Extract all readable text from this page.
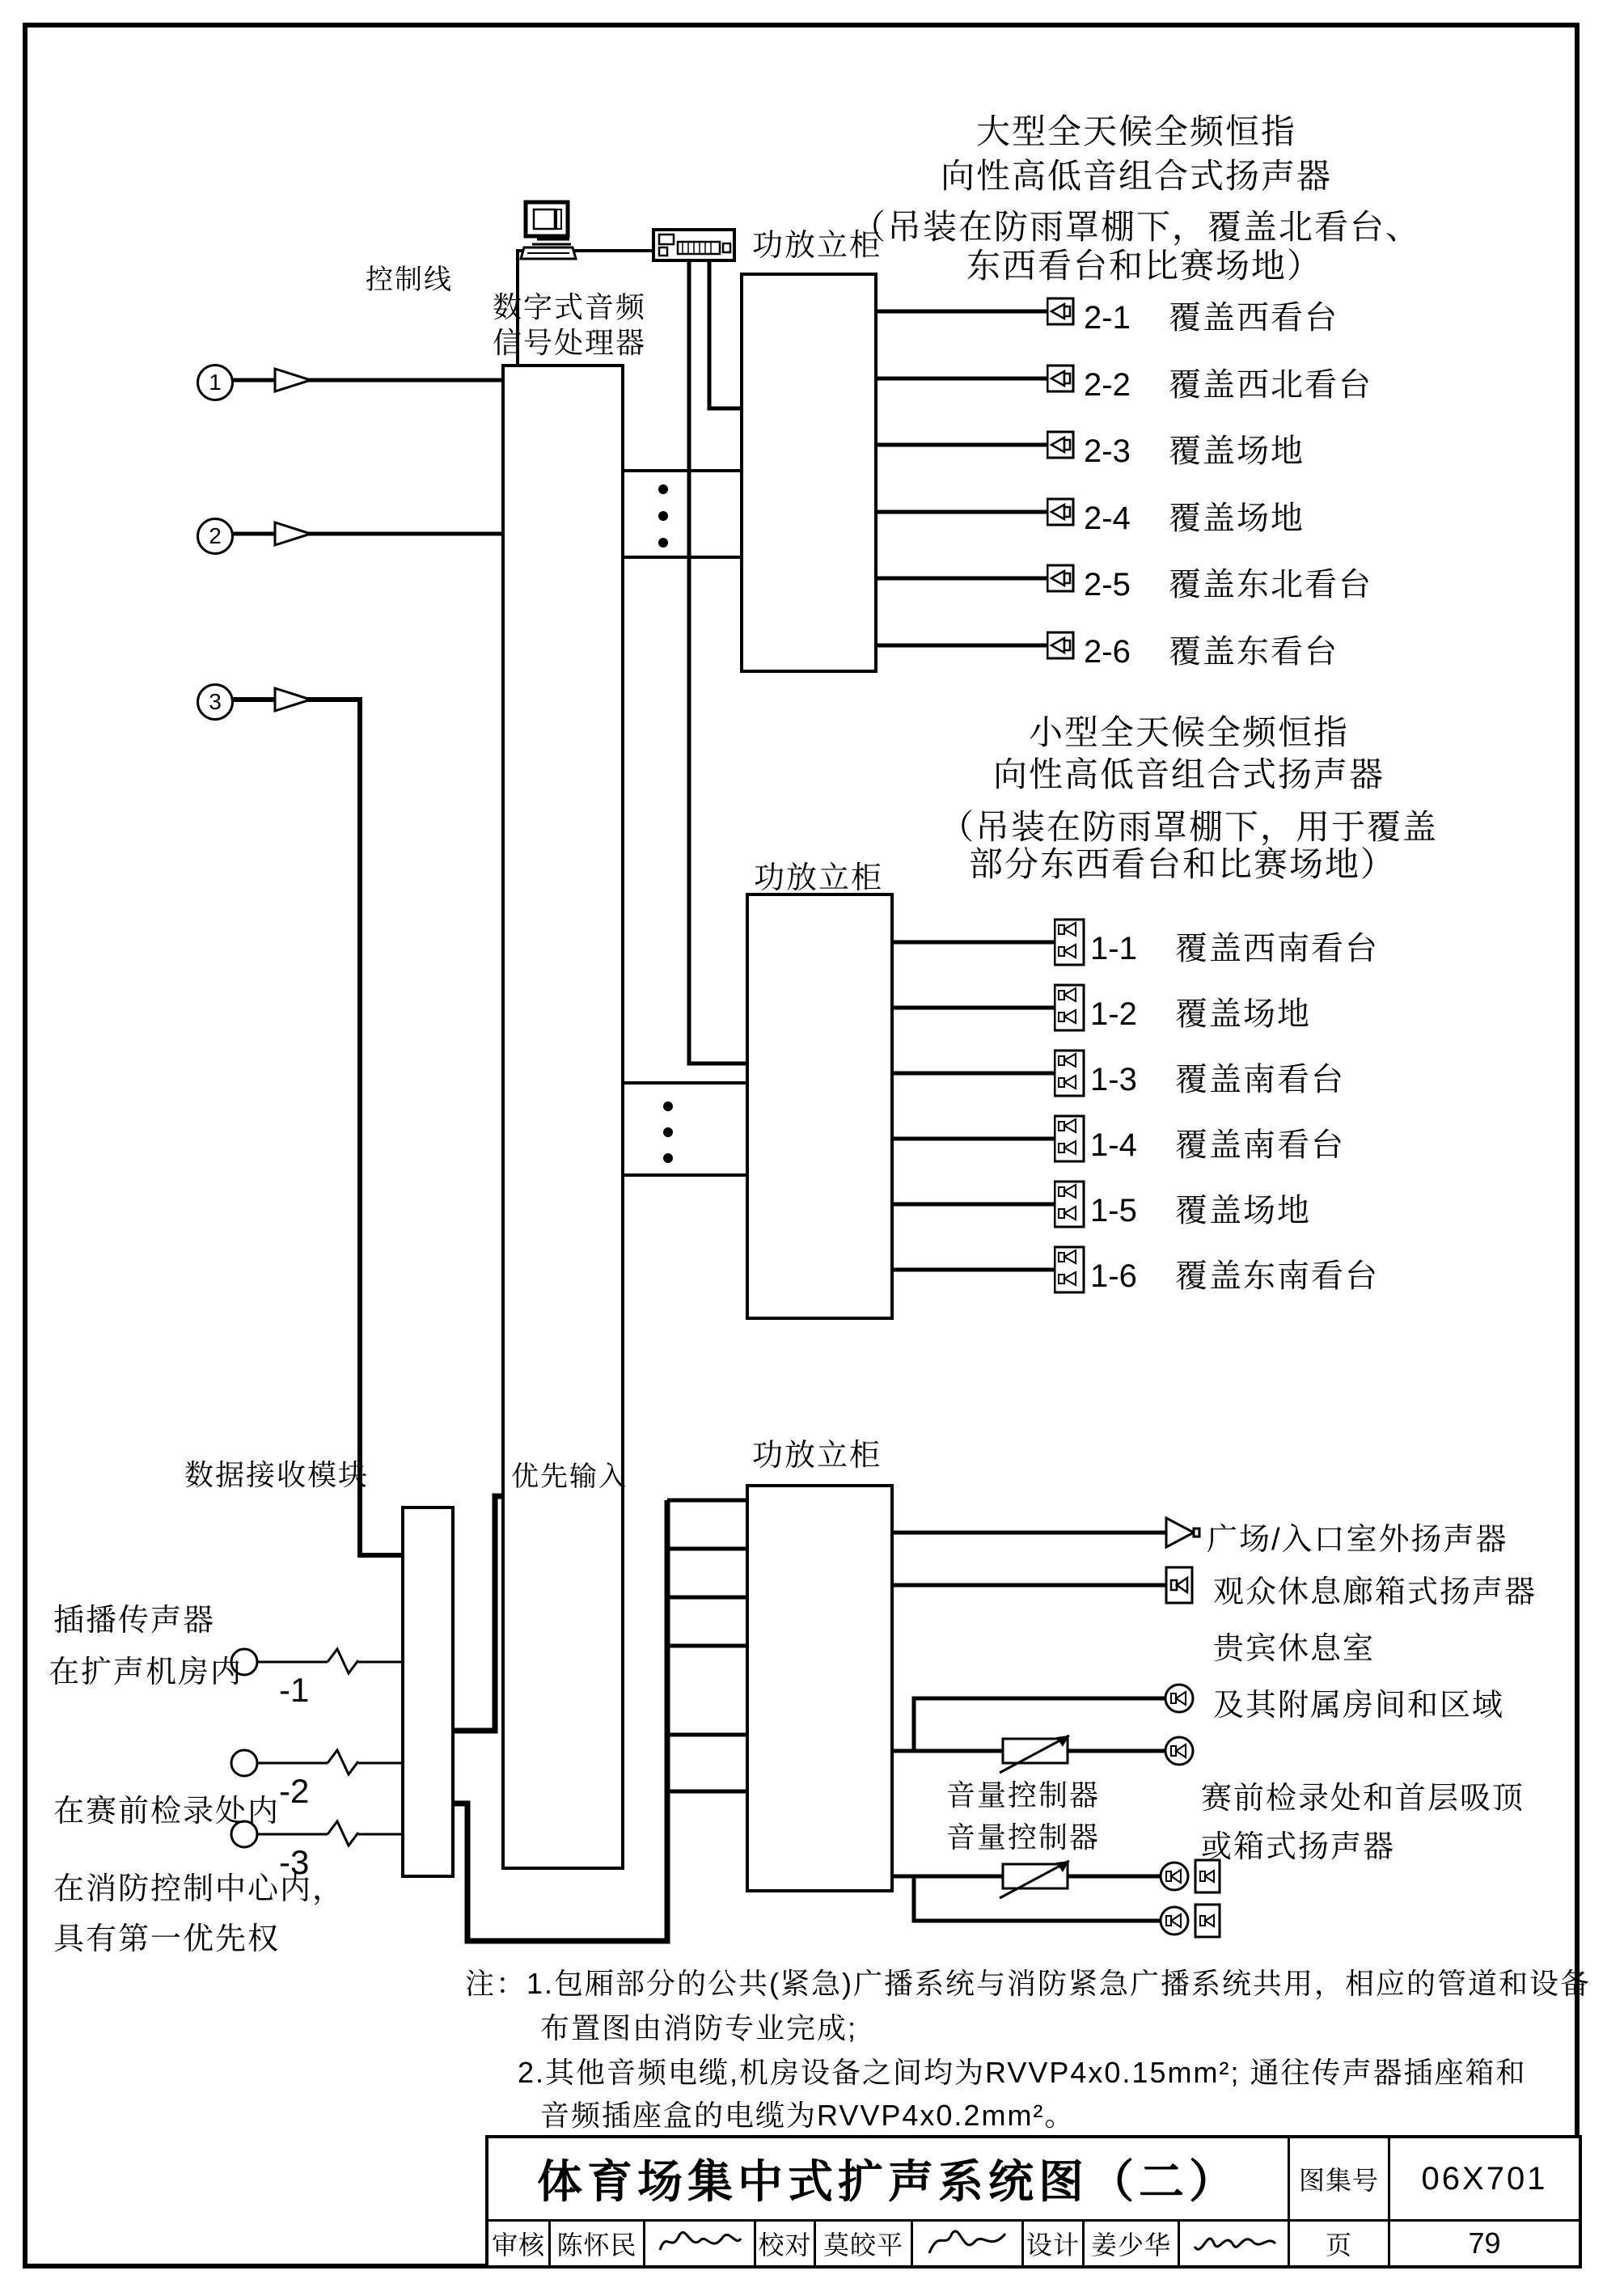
1
2
3
控制线
数字式音频
信号处理器
功放立柜
功放立柜
功放立柜
优先输入
数据接收模块
大型全天候全频恒指
向性高低音组合式扬声器
（吊装在防雨罩棚下，覆盖北看台、
东西看台和比赛场地）
2-1 覆盖西看台
2-2 覆盖西北看台
2-3 覆盖场地
2-4 覆盖场地
2-5 覆盖东北看台
2-6 覆盖东看台
小型全天候全频恒指
向性高低音组合式扬声器
（吊装在防雨罩棚下，用于覆盖
部分东西看台和比赛场地）
1-1 覆盖西南看台
1-2 覆盖场地
1-3 覆盖南看台
1-4 覆盖南看台
1-5 覆盖场地
1-6 覆盖东南看台
插播传声器
在扩声机房内 -1
在赛前检录处内
-2
-3
在消防控制中心内，
具有第一优先权
广场/入口室外扬声器
观众休息廊箱式扬声器
贵宾休息室
及其附属房间和区域
音量控制器
音量控制器
赛前检录处和首层吸顶
或箱式扬声器
注：1.包厢部分的公共(紧急)广播系统与消防紧急广播系统共用，相应的管道和设备
布置图由消防专业完成;
2.其他音频电缆,机房设备之间均为RVVP4x0.15mm²; 通往传声器插座箱和
音频插座盒的电缆为RVVP4x0.2mm²。
体育场集中式扩声系统图（二） 图集号 06X701
审核 陈怀民	校对 莫皎平	设计 姜少华	页	79
